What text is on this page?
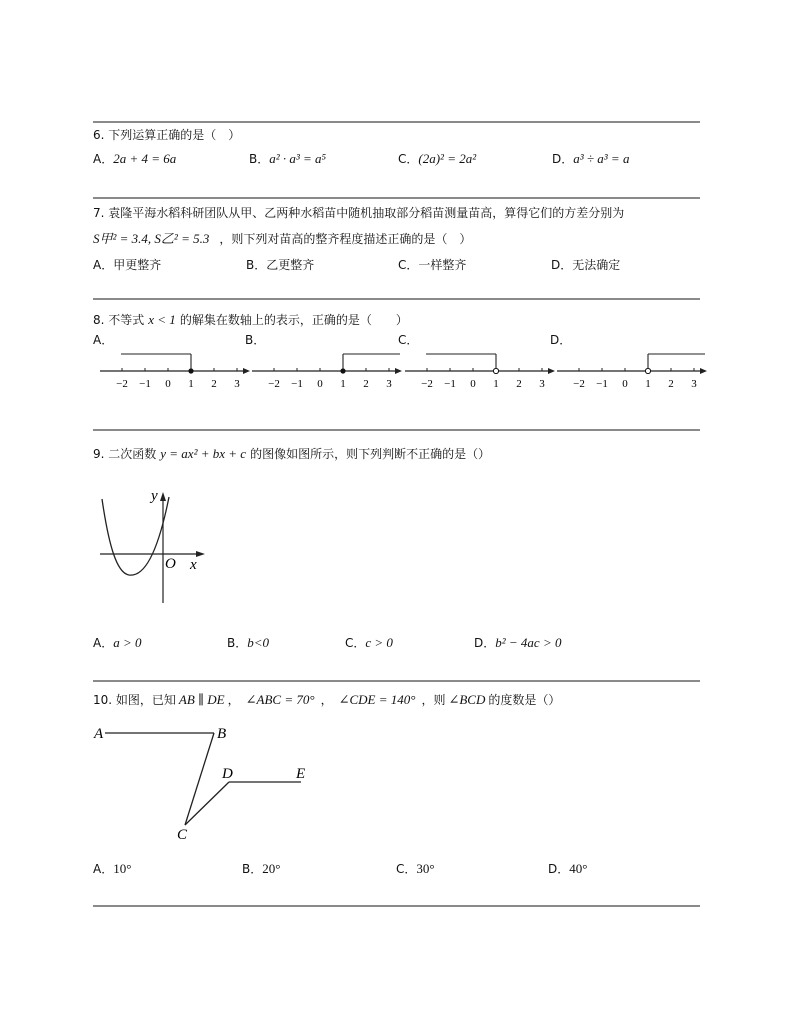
6. 下列运算正确的是（　）
A．2a + 4 = 6a	B．a² · a³ = a⁵	C．(2a)² = 2a²	D．a³ ÷ a³ = a
7. 袁隆平海水稻科研团队从甲、乙两种水稻苗中随机抽取部分稻苗测量苗高，算得它们的方差分别为
S甲² = 3.4, S乙² = 5.3 ，则下列对苗高的整齐程度描述正确的是（　）
A．甲更整齐	B．乙更整齐	C．一样整齐	D．无法确定
8. 不等式 x < 1 的解集在数轴上的表示，正确的是（　　）
A．	B．	C．	D．
−2 −1 0 1 2 3	−2 −1 0 1 2 3	−2 −1 0 1 2 3	−2 −1 0 1 2 3
9. 二次函数 y = ax² + bx + c 的图像如图所示，则下列判断不正确的是（）
y
x
O
A．a > 0	B．b<0	C．c > 0	D．b² − 4ac > 0
10. 如图，已知 AB ∥ DE ， ∠ABC = 70° ， ∠CDE = 140° ，则 ∠BCD 的度数是（）
A	B
D	E
C
A．10°	B．20°	C．30°	D．40°
